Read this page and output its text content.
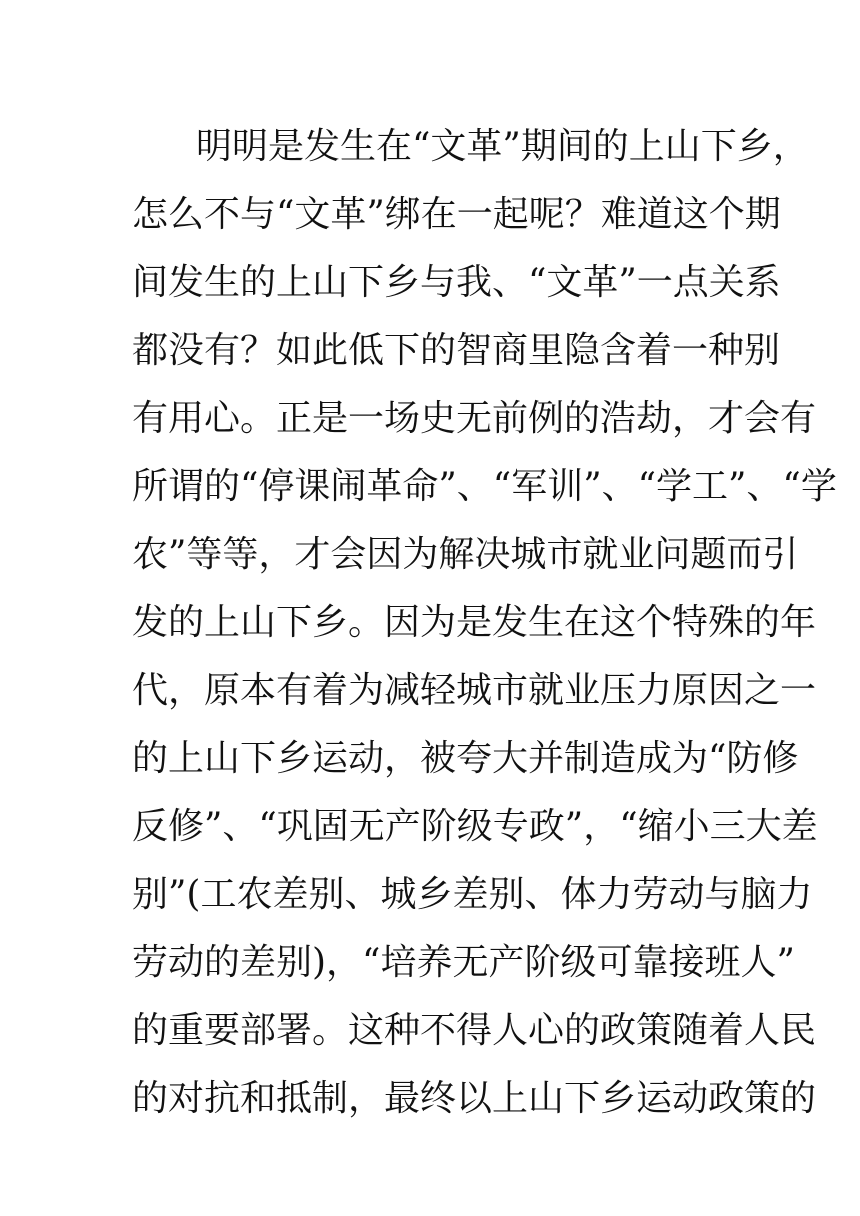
明明是发生在“文革”期间的上山下乡，
怎么不与“文革”绑在一起呢？难道这个期
间发生的上山下乡与我、“文革”一点关系
都没有？如此低下的智商里隐含着一种别
有用心。正是一场史无前例的浩劫，才会有
所谓的“停课闹革命”、“军训”、“学工”、“学
农”等等，才会因为解决城市就业问题而引
发的上山下乡。因为是发生在这个特殊的年
代，原本有着为减轻城市就业压力原因之一
的上山下乡运动，被夸大并制造成为“防修
反修”、“巩固无产阶级专政”，“缩小三大差
别”(工农差别、城乡差别、体力劳动与脑力
劳动的差别)，“培养无产阶级可靠接班人”
的重要部署。这种不得人心的政策随着人民
的对抗和抵制，最终以上山下乡运动政策的
